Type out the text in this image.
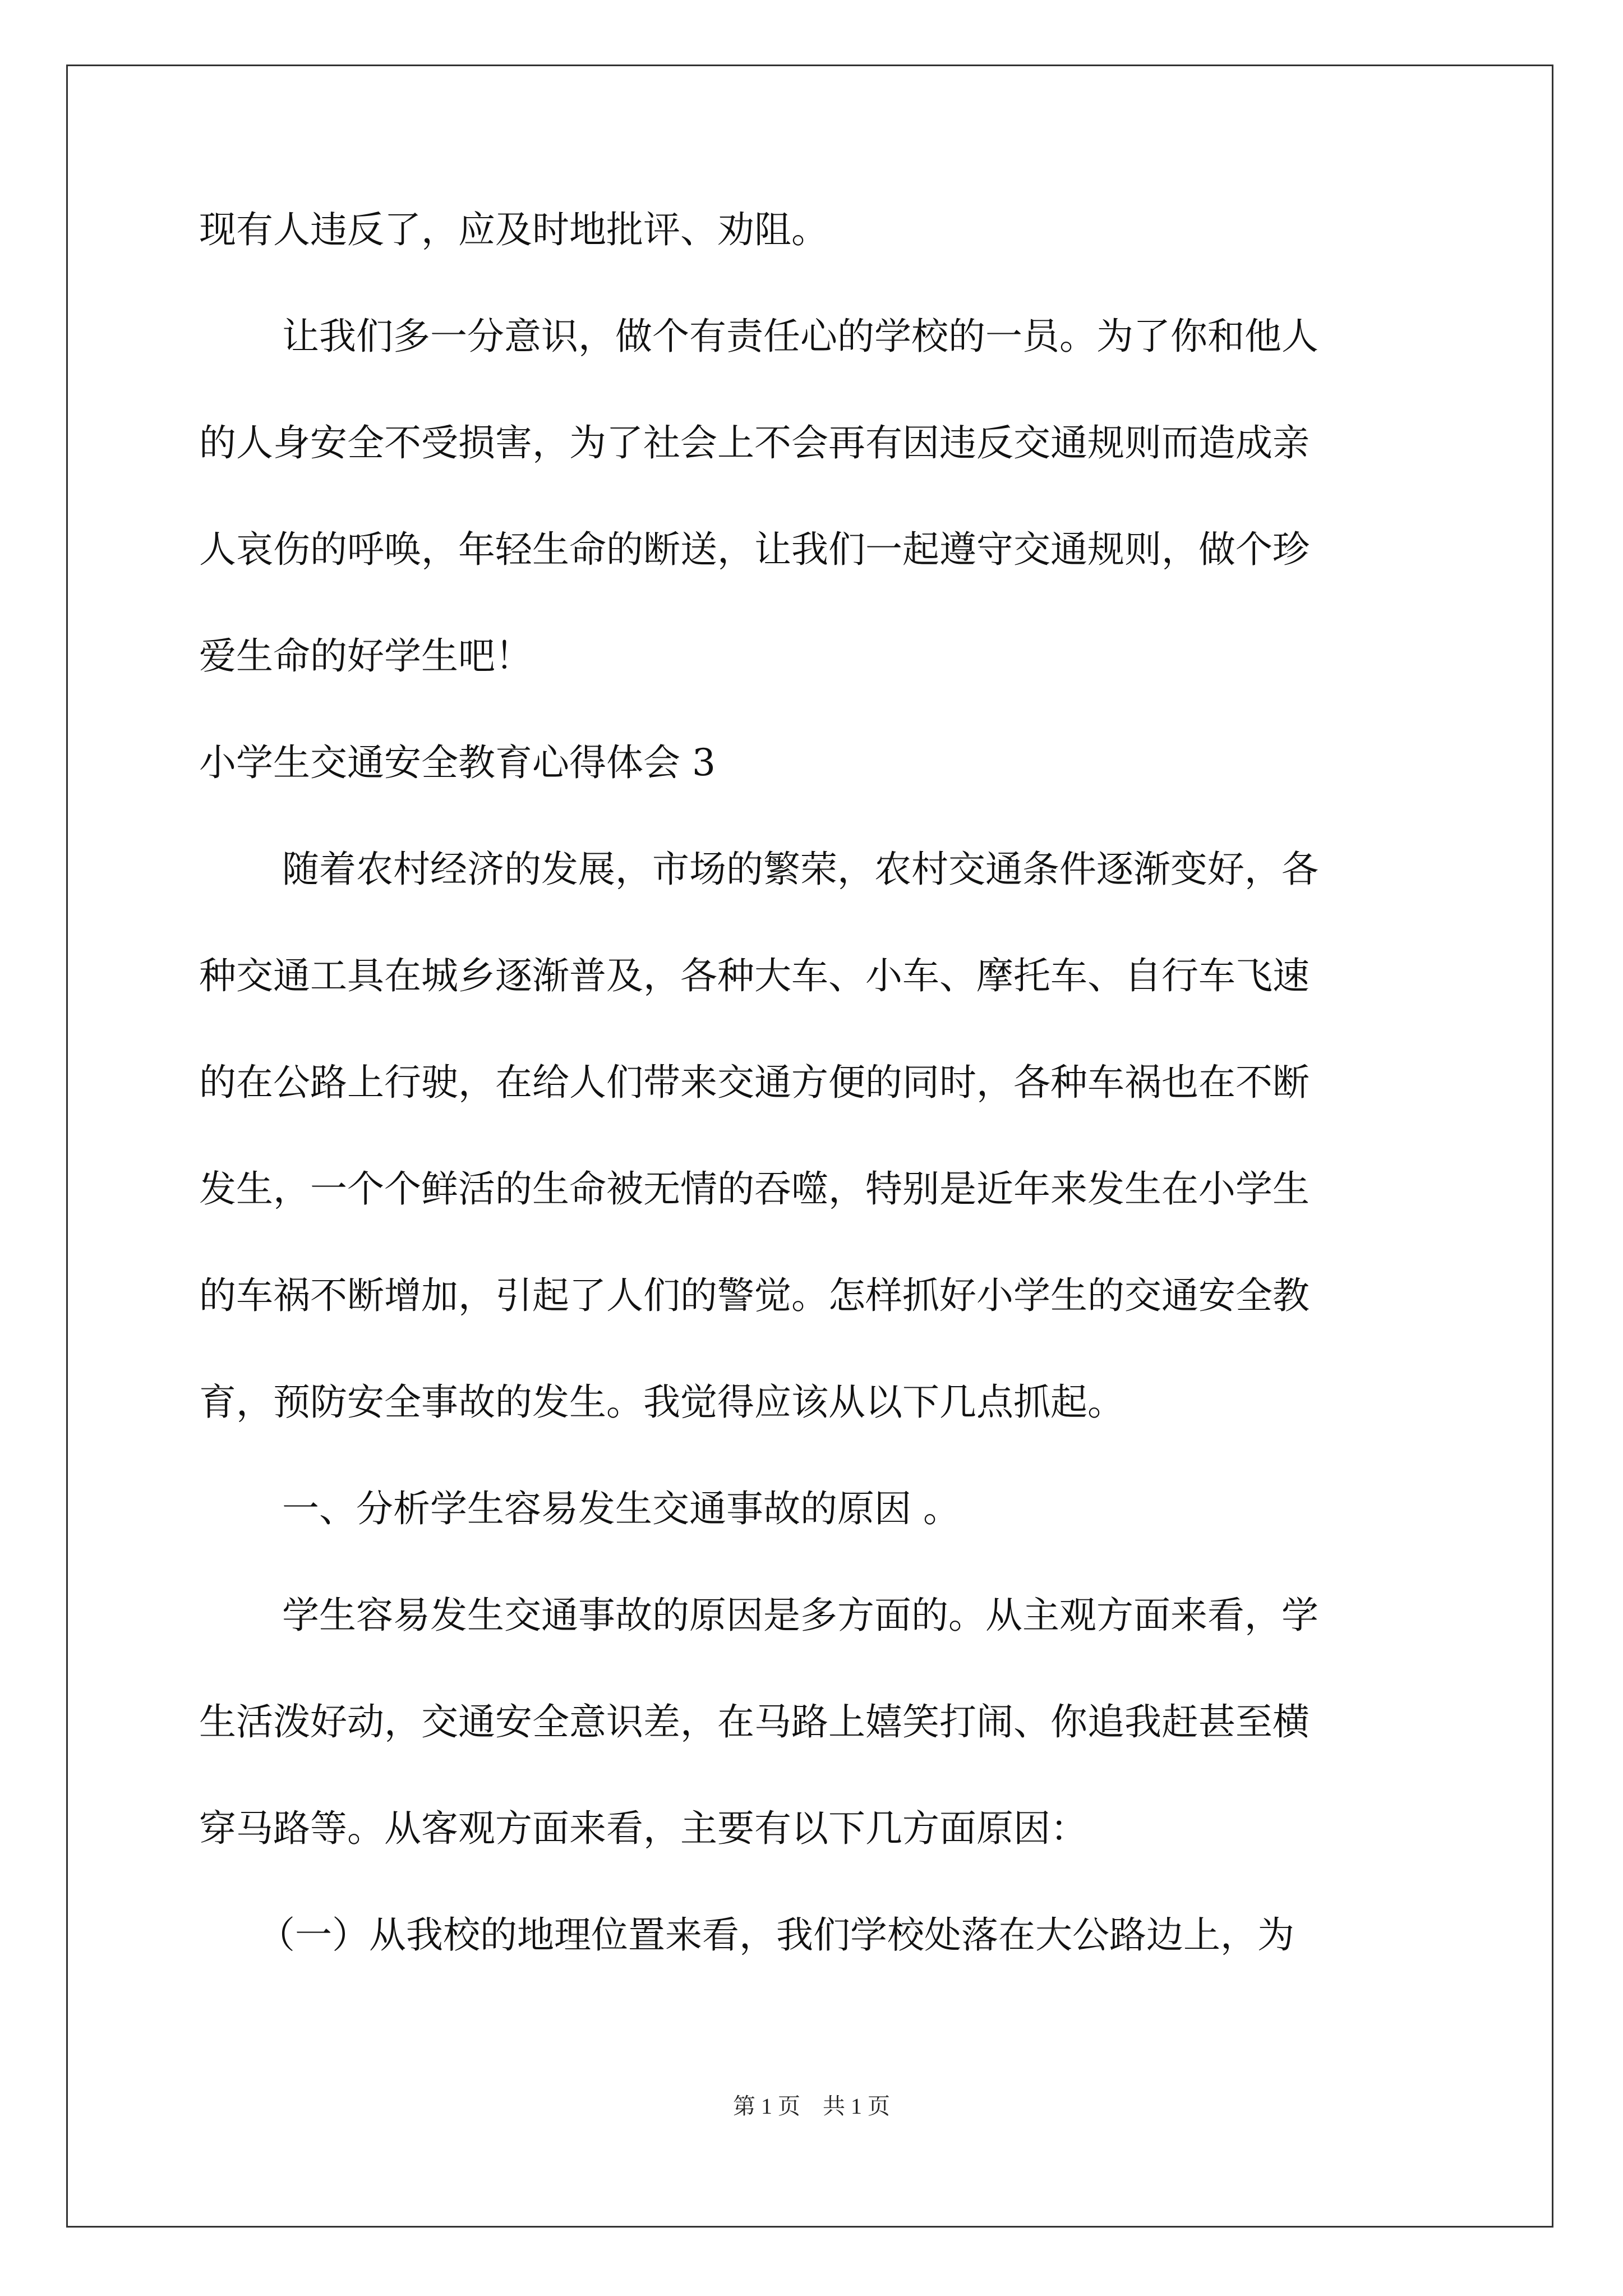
现有人违反了，应及时地批评、劝阻。
让我们多一分意识，做个有责任心的学校的一员。为了你和他人
的人身安全不受损害，为了社会上不会再有因违反交通规则而造成亲
人哀伤的呼唤，年轻生命的断送，让我们一起遵守交通规则，做个珍
爱生命的好学生吧！
小学生交通安全教育心得体会 3
随着农村经济的发展，市场的繁荣，农村交通条件逐渐变好，各
种交通工具在城乡逐渐普及，各种大车、小车、摩托车、自行车飞速
的在公路上行驶，在给人们带来交通方便的同时，各种车祸也在不断
发生，一个个鲜活的生命被无情的吞噬，特别是近年来发生在小学生
的车祸不断增加，引起了人们的警觉。怎样抓好小学生的交通安全教
育，预防安全事故的发生。我觉得应该从以下几点抓起。
一、分析学生容易发生交通事故的原因 。
学生容易发生交通事故的原因是多方面的。从主观方面来看，学
生活泼好动，交通安全意识差，在马路上嬉笑打闹、你追我赶甚至横
穿马路等。从客观方面来看，主要有以下几方面原因：
（一）从我校的地理位置来看，我们学校处落在大公路边上，为
第 1 页　共 1 页
